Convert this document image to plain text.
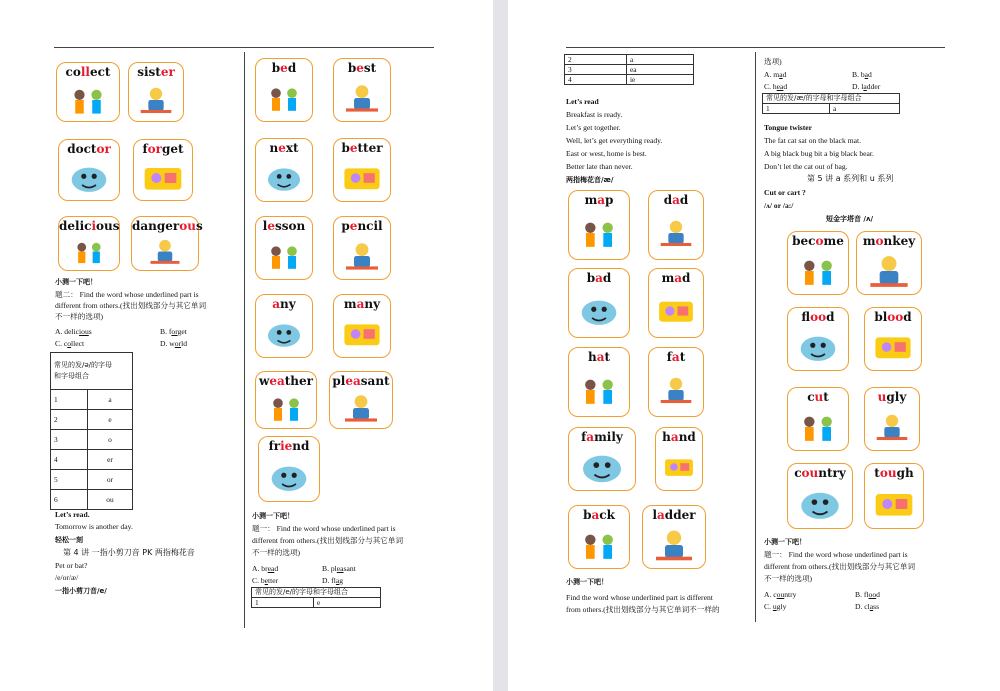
collect	sister
doctor	forget
delicious dangerous
小测一下吧！
题二： Find the word whose underlined part is
different from others.(找出划线部分与其它单词
不一样的选项)
A. delicious	B. forget
C. collect	D. world
常见的发/ə/的字母
和字母组合	

1	a
2	e
3	o
4	er
5	or
6	ou
Let’s read.
Tomorrow is another day.
轻松一刻
第 4 讲 一指小剪刀音 PK 两指梅花音
Pet or bat?
/e/or/æ/
一指小剪刀音/e/
bed	best
next	better
lesson	pencil
any	many
weather pleasant
friend
小测一下吧！
题一： Find the word whose underlined part is
different from others.(找出划线部分与其它单词
不一样的选项)
A. bread	B. pleasant
C. better	D. flag
常见的发/e/的字母和字母组合
1	e
2	a
3	ea
4	ie
Let’s read
Breakfast is ready.
Let’s get together.
Well, let’s get everything ready.
East or west, home is best.
Better late than never.
两指梅花音/æ/
map	dad
bad	mad
hat	fat
family	hand
back	ladder
小测一下吧！
Find the word whose underlined part is different
from others.(找出划线部分与其它单词不一样的
选项)
A. mad	B. bad
C. head	D. ladder
常见的发/æ/的字母和字母组合
1	a
Tongue twister
The fat cat sat on the black mat.
A big black bug bit a big black bear.
Don’t let the cat out of bag.
第 5 讲 a 系列和 u 系列
Cut or cart ?
/ʌ/ or /a:/
短金字塔音 /ʌ/
become	monkey
flood	blood
cut	ugly
country	tough
小测一下吧！
题一： Find the word whose underlined part is
different from others.(找出划线部分与其它单词
不一样的选项)
A. country	B. flood
C. ugly	D. class
